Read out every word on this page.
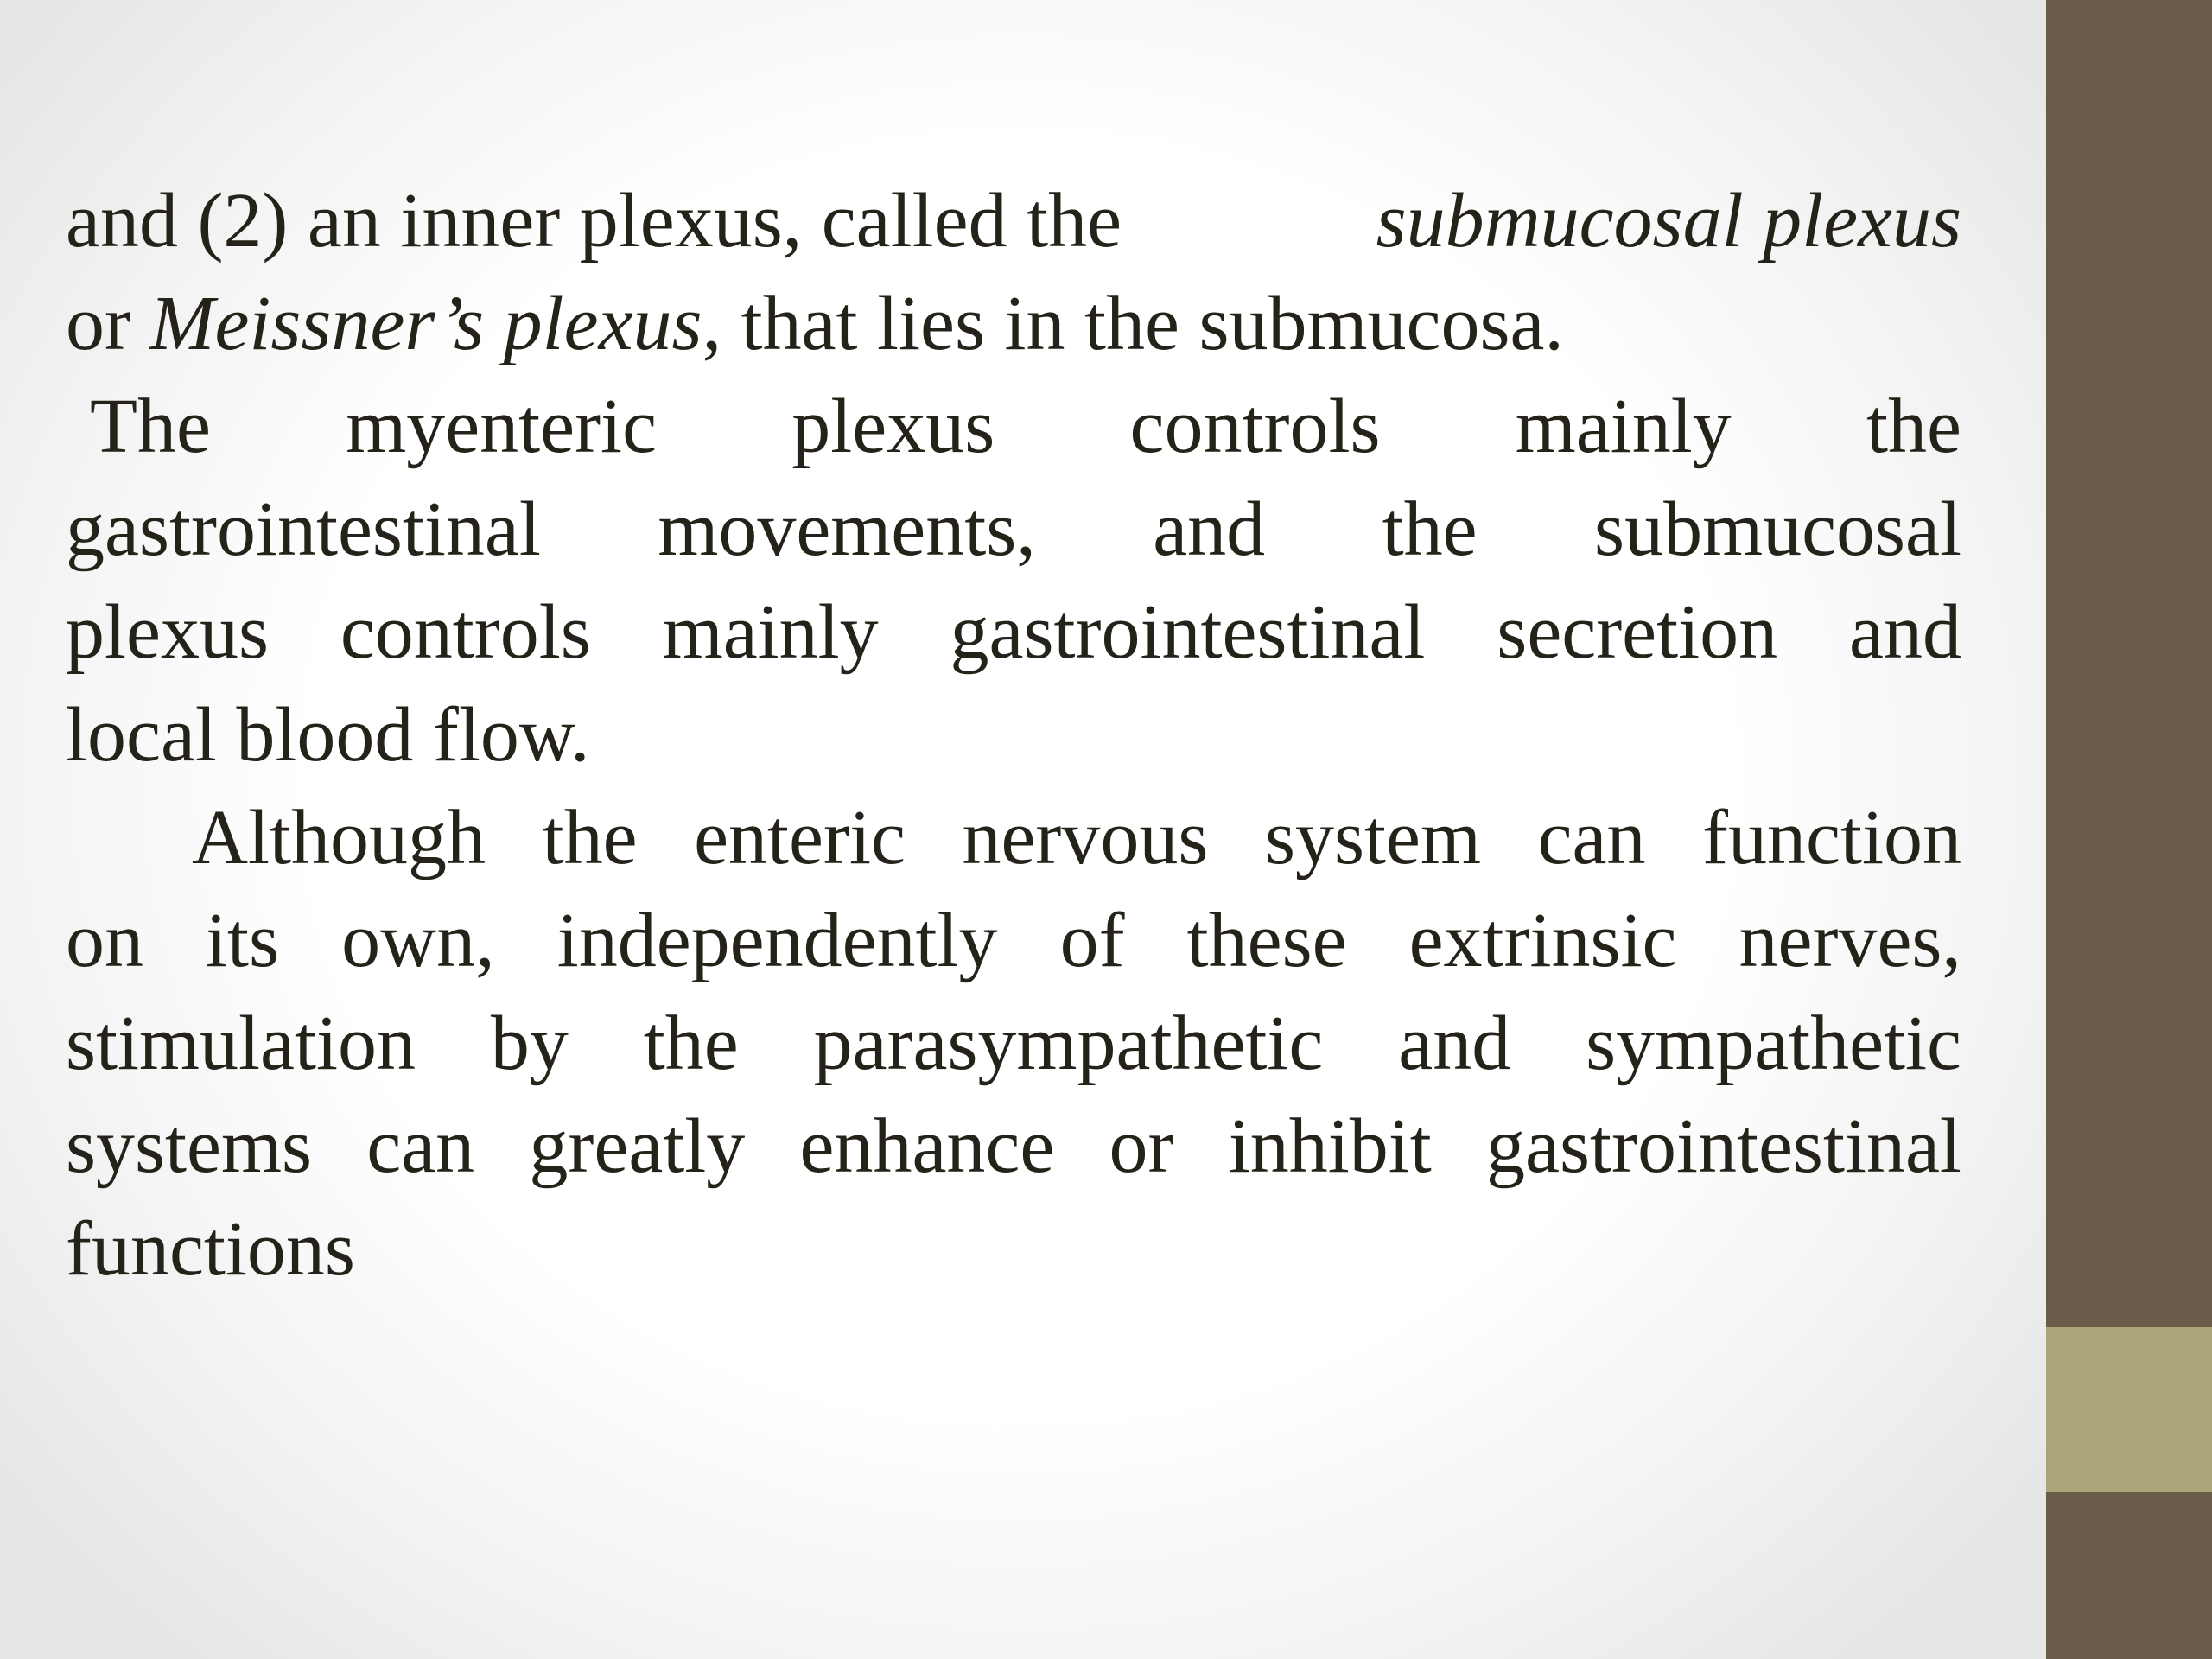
and (2) an inner plexus, called the	submucosal plexus
or Meissner’s plexus, that lies in the submucosa.
The myenteric plexus controls mainly the
gastrointestinal movements, and the submucosal
plexus controls mainly gastrointestinal secretion and
local blood flow.
Although the enteric nervous system can function
on its own, independently of these extrinsic nerves,
stimulation by the parasympathetic and sympathetic
systems can greatly enhance or inhibit gastrointestinal
functions
